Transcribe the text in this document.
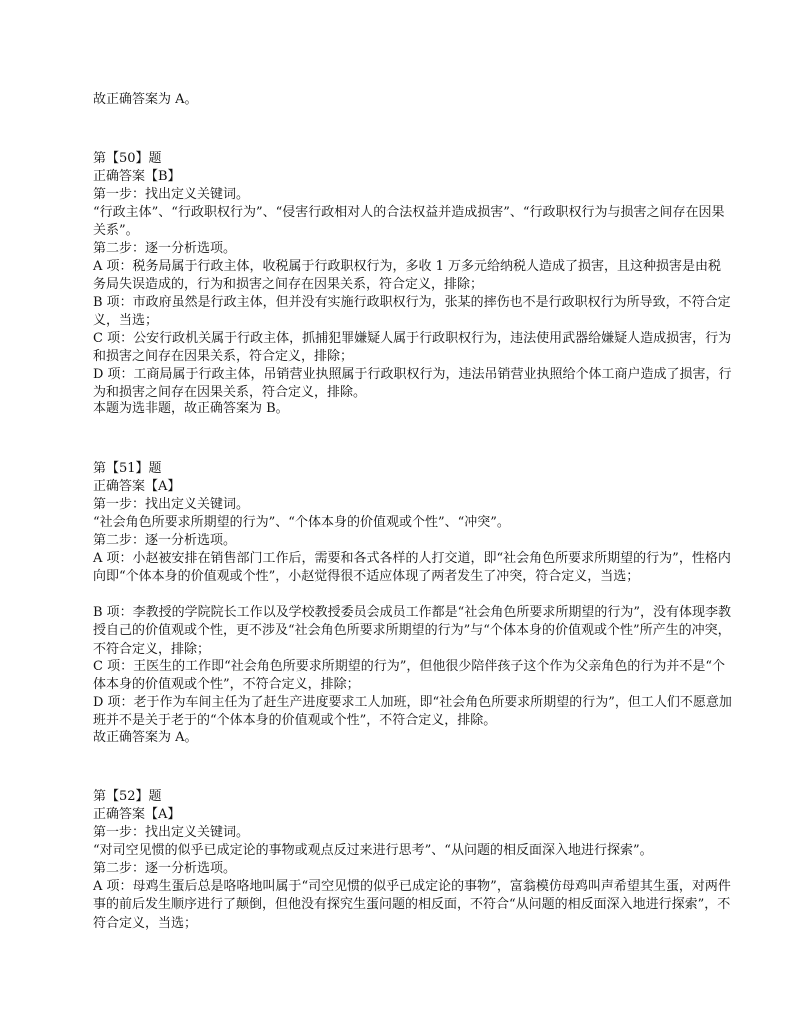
故正确答案为 A。

第【50】题

正确答案【B】

第一步：找出定义关键词。

“行政主体”、“行政职权行为”、“侵害行政相对人的合法权益并造成损害”、“行政职权行为与损害之间存在因果关系”。

第二步：逐一分析选项。

A 项：税务局属于行政主体，收税属于行政职权行为，多收 1 万多元给纳税人造成了损害，且这种损害是由税务局失误造成的，行为和损害之间存在因果关系，符合定义，排除；

B 项：市政府虽然是行政主体，但并没有实施行政职权行为，张某的摔伤也不是行政职权行为所导致，不符合定义，当选；

C 项：公安行政机关属于行政主体，抓捕犯罪嫌疑人属于行政职权行为，违法使用武器给嫌疑人造成损害，行为和损害之间存在因果关系，符合定义，排除；

D 项：工商局属于行政主体，吊销营业执照属于行政职权行为，违法吊销营业执照给个体工商户造成了损害，行为和损害之间存在因果关系，符合定义，排除。

本题为选非题，故正确答案为 B。

第【51】题

正确答案【A】

第一步：找出定义关键词。

“社会角色所要求所期望的行为”、“个体本身的价值观或个性”、“冲突”。

第二步：逐一分析选项。

A 项：小赵被安排在销售部门工作后，需要和各式各样的人打交道，即“社会角色所要求所期望的行为”，性格内向即“个体本身的价值观或个性”，小赵觉得很不适应体现了两者发生了冲突，符合定义，当选；

B 项：李教授的学院院长工作以及学校教授委员会成员工作都是“社会角色所要求所期望的行为”，没有体现李教授自己的价值观或个性，更不涉及“社会角色所要求所期望的行为”与“个体本身的价值观或个性”所产生的冲突，不符合定义，排除；

C 项：王医生的工作即“社会角色所要求所期望的行为”，但他很少陪伴孩子这个作为父亲角色的行为并不是“个体本身的价值观或个性”，不符合定义，排除；

D 项：老于作为车间主任为了赶生产进度要求工人加班，即“社会角色所要求所期望的行为”，但工人们不愿意加班并不是关于老于的“个体本身的价值观或个性”，不符合定义，排除。

故正确答案为 A。

第【52】题

正确答案【A】

第一步：找出定义关键词。

“对司空见惯的似乎已成定论的事物或观点反过来进行思考”、“从问题的相反面深入地进行探索”。

第二步：逐一分析选项。

A 项：母鸡生蛋后总是咯咯地叫属于“司空见惯的似乎已成定论的事物”，富翁模仿母鸡叫声希望其生蛋，对两件事的前后发生顺序进行了颠倒，但他没有探究生蛋问题的相反面，不符合“从问题的相反面深入地进行探索”，不符合定义，当选；
